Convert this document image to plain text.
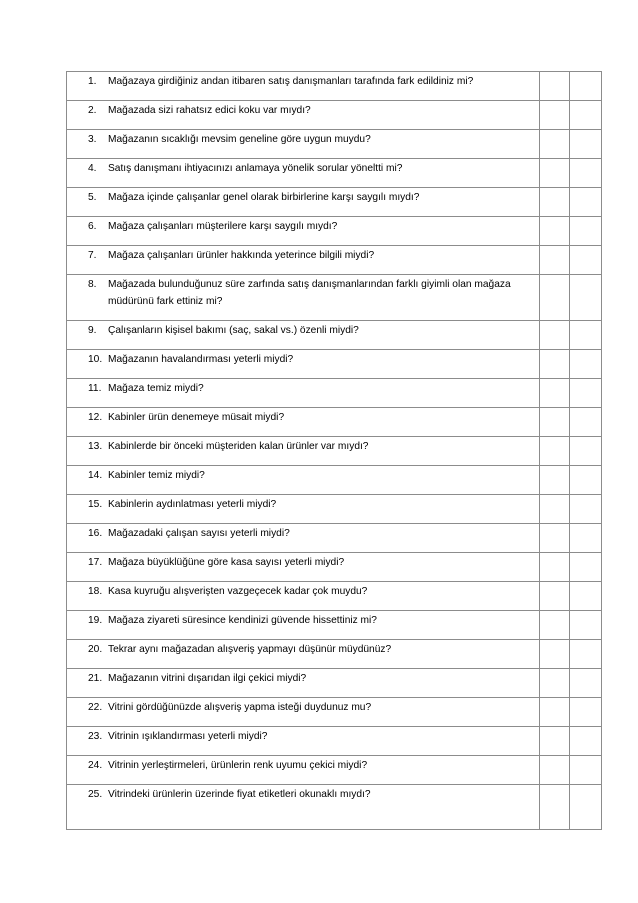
1. Mağazaya girdiğiniz andan itibaren satış danışmanları tarafında fark edildiniz mi?		

2. Mağazada sizi rahatsız edici koku var mıydı?		

3. Mağazanın sıcaklığı mevsim geneline göre uygun muydu?		

4. Satış danışmanı ihtiyacınızı anlamaya yönelik sorular yöneltti mi?		

5. Mağaza içinde çalışanlar genel olarak birbirlerine karşı saygılı mıydı?		

6. Mağaza çalışanları müşterilere karşı saygılı mıydı?		

7. Mağaza çalışanları ürünler hakkında yeterince bilgili miydi?		

8. Mağazada bulunduğunuz süre zarfında satış danışmanlarından farklı giyimli olan mağaza müdürünü fark ettiniz mi?		

9. Çalışanların kişisel bakımı (saç, sakal vs.) özenli miydi?		

10. Mağazanın havalandırması yeterli miydi?		

11. Mağaza temiz miydi?		

12. Kabinler ürün denemeye müsait miydi?		

13. Kabinlerde bir önceki müşteriden kalan ürünler var mıydı?		

14. Kabinler temiz miydi?		

15. Kabinlerin aydınlatması yeterli miydi?		

16. Mağazadaki çalışan sayısı yeterli miydi?		

17. Mağaza büyüklüğüne göre kasa sayısı yeterli miydi?		

18. Kasa kuyruğu alışverişten vazgeçecek kadar çok muydu?		

19. Mağaza ziyareti süresince kendinizi güvende hissettiniz mi?		

20. Tekrar aynı mağazadan alışveriş yapmayı düşünür müydünüz?		

21. Mağazanın vitrini dışarıdan ilgi çekici miydi?		

22. Vitrini gördüğünüzde alışveriş yapma isteği duydunuz mu?		

23. Vitrinin ışıklandırması yeterli miydi?		

24. Vitrinin yerleştirmeleri, ürünlerin renk uyumu çekici miydi?		

25. Vitrindeki ürünlerin üzerinde fiyat etiketleri okunaklı mıydı?		
